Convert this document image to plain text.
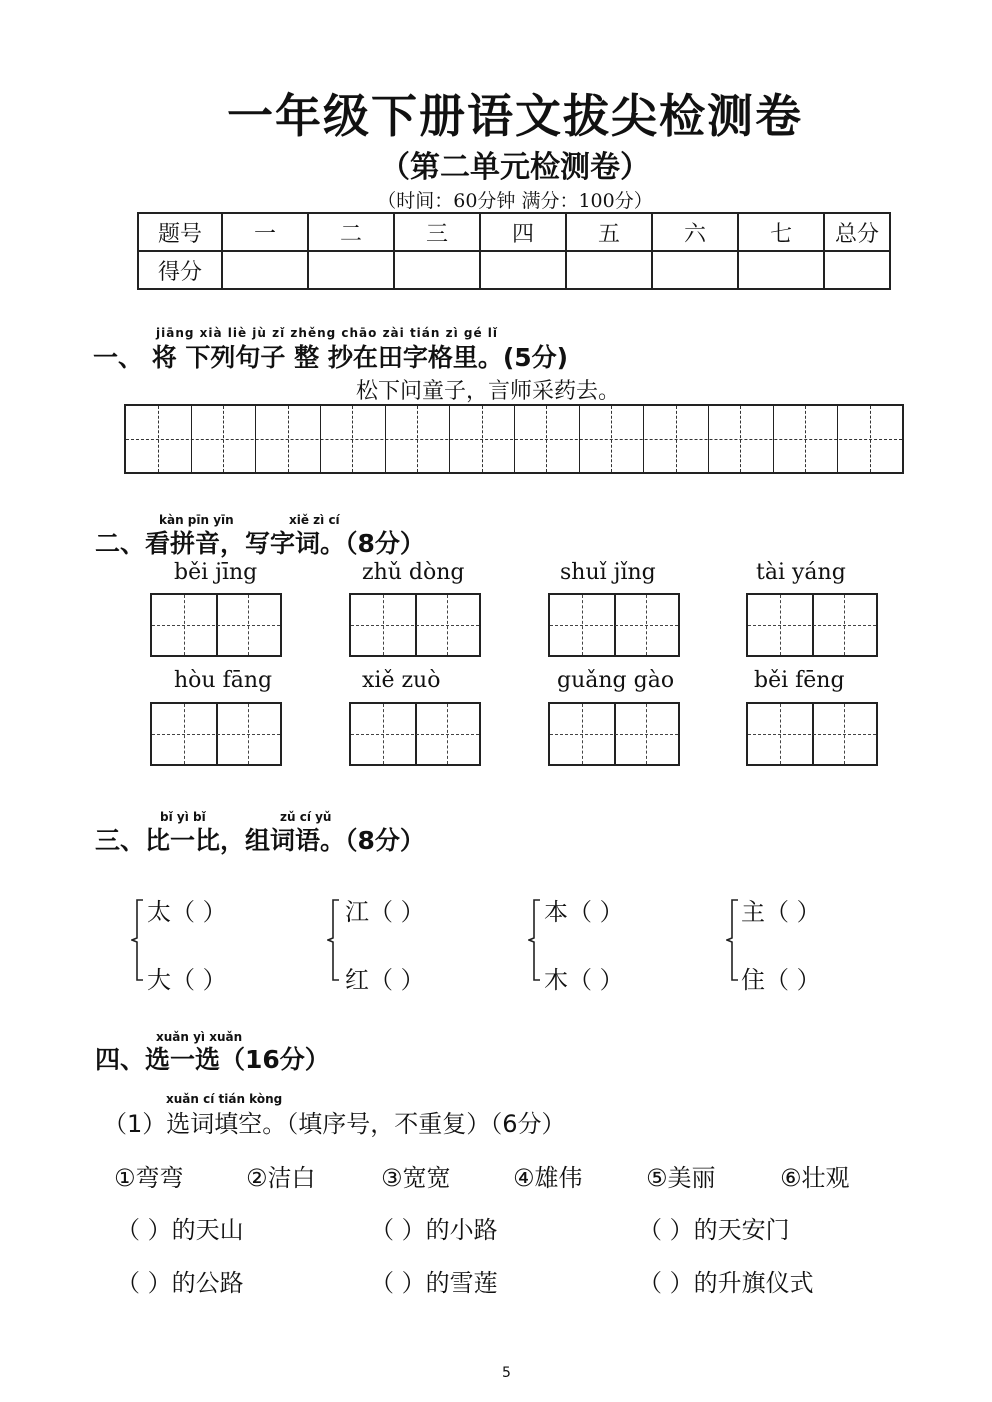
一年级下册语文拔尖检测卷
（第二单元检测卷）
（时间：60分钟 满分：100分）
题号	一	二	三	四	五	六	七	总分
得分								
jiāng xià liè jù zǐ zhěng chāo zài tián zì gé lǐ
一、 将 下列句子 整 抄在田字格里。(5分)
松下问童子，言师采药去。
kàn pīn yīn	xiě zì cí
二、看拼音，写字词。（8分）
běi jīng	zhǔ dòng	shuǐ jǐng	tài yáng
hòu fāng	xiě zuò	guǎng gào	běi fēng
bǐ yì bǐ	zǔ cí yǔ
三、比一比，组词语。（8分）
太（ ）
大（ ）
江（ ）
红（ ）
本（ ）
木（ ）
主（ ）
住（ ）
xuǎn yì xuǎn
四、选一选（16分）
xuǎn cí tián kòng
（1）选词填空。（填序号，不重复）（6分）
①弯弯	②洁白	③宽宽	④雄伟	⑤美丽	⑥壮观
（ ）的天山	（ ）的小路	（ ）的天安门
（ ）的公路	（ ）的雪莲	（ ）的升旗仪式
5
